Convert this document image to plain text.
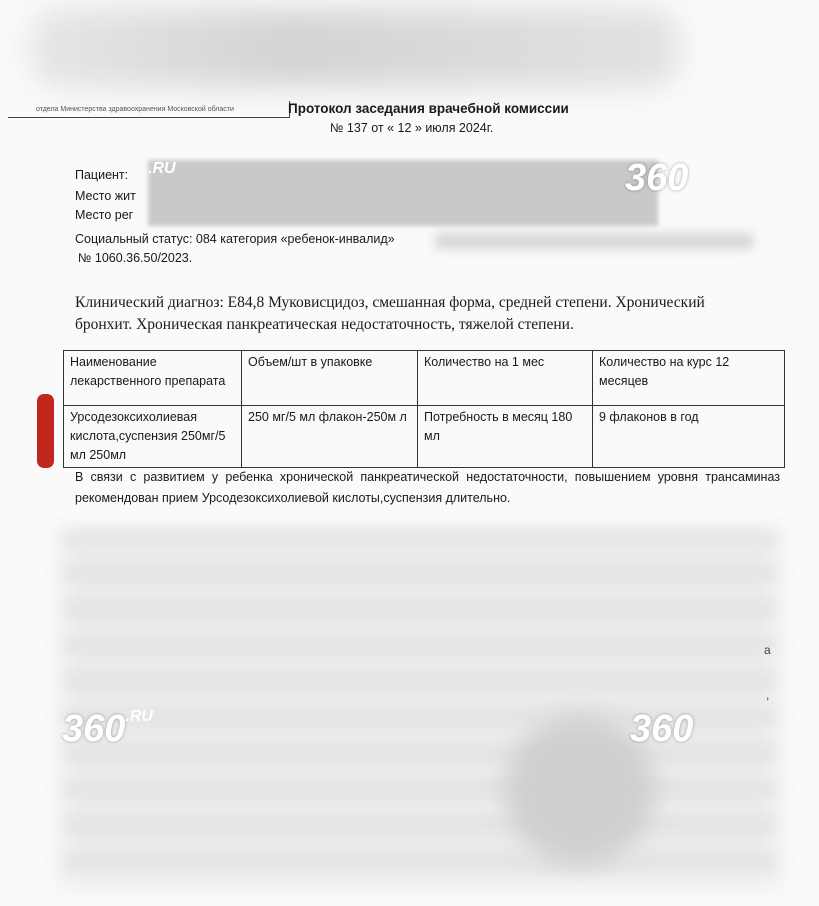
отдела Министерства здравоохранения Московской области	Протокол заседания врачебной комиссии
№ 137 от « 12 » июля 2024г.
Пациент:
Место жит
Место рег
Социальный статус: 084 категория «ребенок-инвалид»
№ 1060.36.50/2023.
Клинический диагноз: E84,8 Муковисцидоз, смешанная форма, средней степени. Хронический
бронхит. Хроническая панкреатическая недостаточность, тяжелой степени.
Наименование лекарственного препарата	Объем/шт в упаковке	Количество на 1 мес	Количество на курс 12 месяцев
Урсодезоксихолиевая кислота,суспензия 250мг/5 мл 250мл	250 мг/5 мл флакон-250м л	Потребность в месяц 180 мл	9 флаконов в год
В связи с развитием у ребенка хронической панкреатической недостаточности, повышением уровня трансаминаз рекомендован прием Урсодезоксихолиевой кислоты,суспензия длительно.
а
,
360
.RU
360.RU	360
